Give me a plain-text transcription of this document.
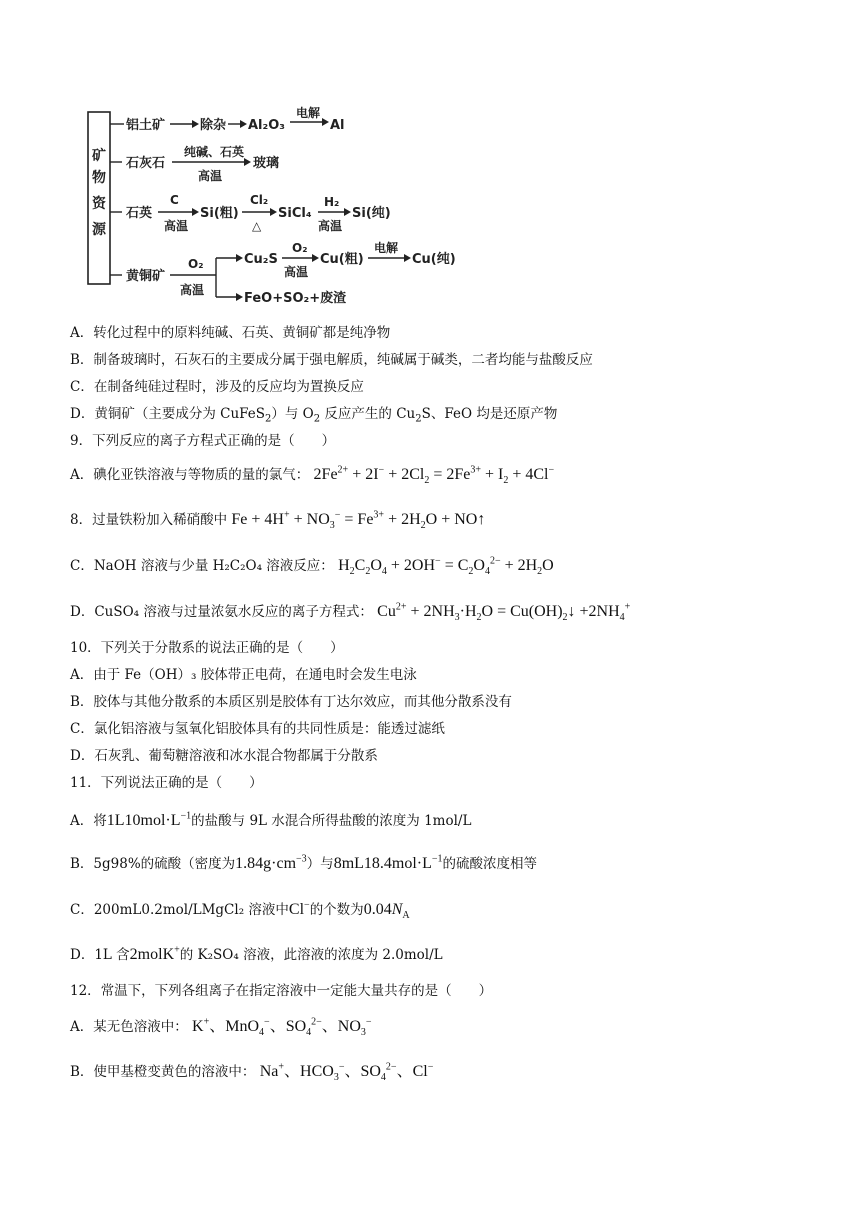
矿
物
资
源
铝土矿	除杂 Al₂O₃
电解
Al
石灰石
纯碱、石英
高温
玻璃
石英
C
高温
Si(粗)
Cl₂
△
SiCl₄
H₂
高温
Si(纯)
黄铜矿
O₂
高温
Cu₂S
O₂
高温
Cu(粗)
电解
Cu(纯)
FeO+SO₂+废渣
A．转化过程中的原料纯碱、石英、黄铜矿都是纯净物
B．制备玻璃时，石灰石的主要成分属于强电解质，纯碱属于碱类，二者均能与盐酸反应
C．在制备纯硅过程时，涉及的反应均为置换反应
D．黄铜矿（主要成分为 CuFeS$_2$）与 $O_2$ 反应产生的 $Cu_2S$、FeO 均是还原产物
9．下列反应的离子方程式正确的是（　　）
A．碘化亚铁溶液与等物质的量的氯气： $2Fe^{2+} + 2I^- + 2Cl_2 = 2Fe^{3+} + I_2 + 4Cl^-$
8．过量铁粉加入稀硝酸中 $Fe + 4H^+ + NO_3^- = Fe^{3+} + 2H_2O$ + NO↑
C．NaOH 溶液与少量 H₂C₂O₄ 溶液反应： $H_2C_2O_4 + 2OH^- = C_2O_4^{2-} + 2H_2O$
D．CuSO₄ 溶液与过量浓氨水反应的离子方程式： $Cu^{2+} + 2NH_3\cdot H_2O$ = $Cu(OH)_2↓ +2NH_4^+$
10．下列关于分散系的说法正确的是（　　）
A．由于 Fe（OH）₃ 胶体带正电荷，在通电时会发生电泳
B．胶体与其他分散系的本质区别是胶体有丁达尔效应，而其他分散系没有
C．氯化铝溶液与氢氧化铝胶体具有的共同性质是：能透过滤纸
D．石灰乳、葡萄糖溶液和冰水混合物都属于分散系
11．下列说法正确的是（　　）
A．将$1L10mol\cdot L^{-1}$的盐酸与 9L 水混合所得盐酸的浓度为 1mol/L
B．5g98%的硫酸（密度为$1.84g\cdot cm^{-3}$）与$8mL18.4mol\cdot L^{-1}$的硫酸浓度相等
C．200mL0.2mol/LMgCl₂ 溶液中Cl−的个数为$0.04N_A$
D．1L 含2molK+的 K₂SO₄ 溶液，此溶液的浓度为 2.0mol/L
12．常温下，下列各组离子在指定溶液中一定能大量共存的是（　　）
A．某无色溶液中： K+、MnO$_4$−、$SO_4^{2-}$、$NO_3^-$
B．使甲基橙变黄色的溶液中： Na+、$HCO_3^-$、$SO_4^{2-}$、Cl−
